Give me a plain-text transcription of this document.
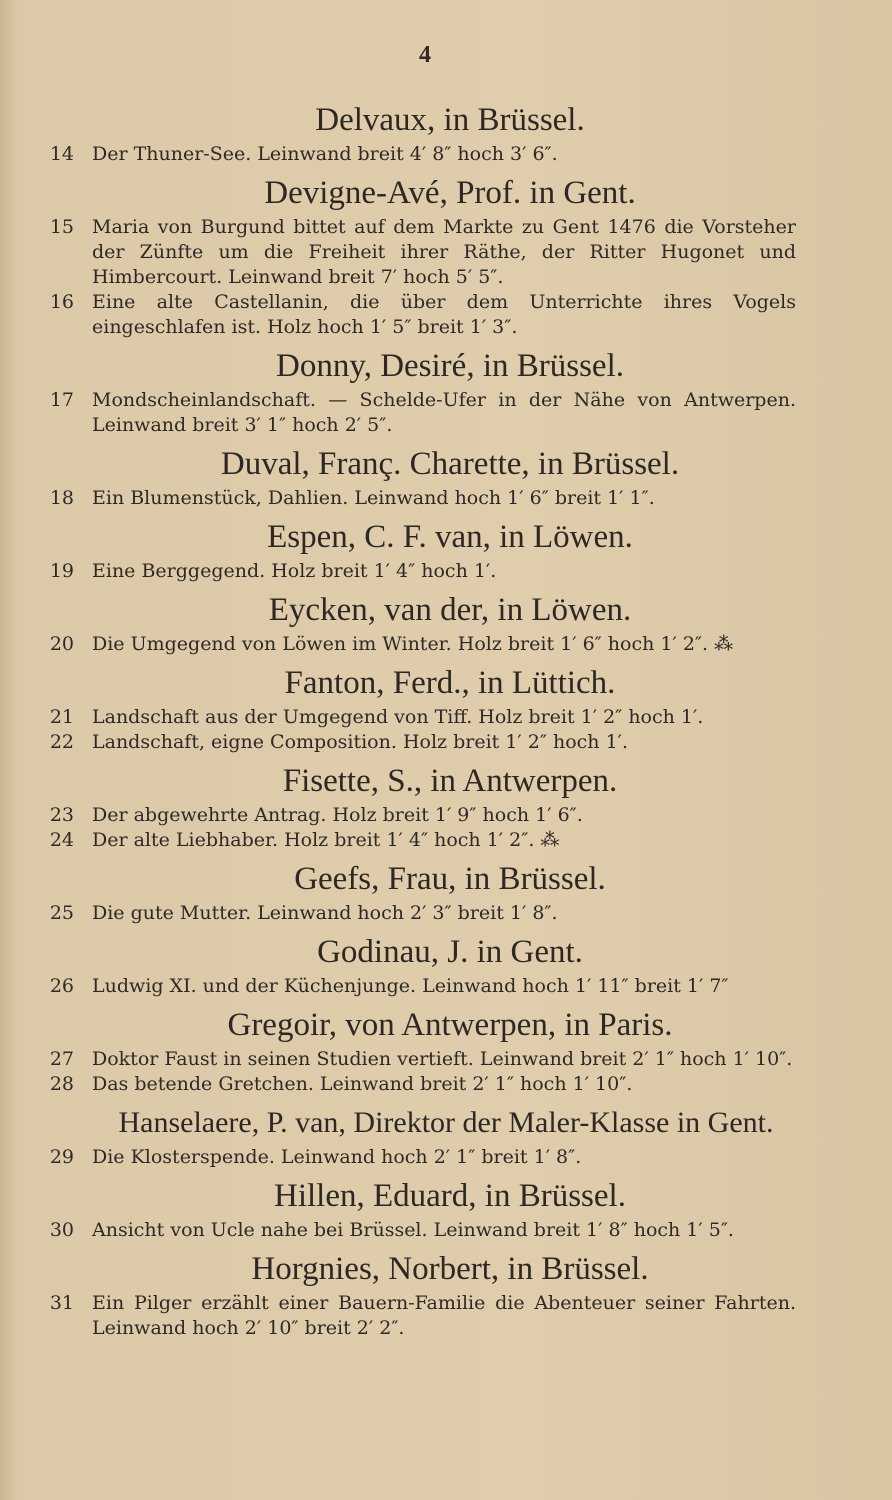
4
Delvaux, in Brüssel.
14 Der Thuner-See. Leinwand breit 4′ 8″ hoch 3′ 6″.
Devigne-Avé, Prof. in Gent.
15 Maria von Burgund bittet auf dem Markte zu Gent 1476 die Vorsteher der Zünfte um die Freiheit ihrer Räthe, der Ritter Hugonet und Himbercourt. Leinwand breit 7′ hoch 5′ 5″.
16 Eine alte Castellanin, die über dem Unterrichte ihres Vogels eingeschlafen ist. Holz hoch 1′ 5″ breit 1′ 3″.
Donny, Desiré, in Brüssel.
17 Mondscheinlandschaft. — Schelde-Ufer in der Nähe von Antwerpen. Leinwand breit 3′ 1″ hoch 2′ 5″.
Duval, Franç. Charette, in Brüssel.
18 Ein Blumenstück, Dahlien. Leinwand hoch 1′ 6″ breit 1′ 1″.
Espen, C. F. van, in Löwen.
19 Eine Berggegend. Holz breit 1′ 4″ hoch 1′.
Eycken, van der, in Löwen.
20 Die Umgegend von Löwen im Winter. Holz breit 1′ 6″ hoch 1′ 2″. ⁂
Fanton, Ferd., in Lüttich.
21 Landschaft aus der Umgegend von Tiff. Holz breit 1′ 2″ hoch 1′.
22 Landschaft, eigne Composition. Holz breit 1′ 2″ hoch 1′.
Fisette, S., in Antwerpen.
23 Der abgewehrte Antrag. Holz breit 1′ 9″ hoch 1′ 6″.
24 Der alte Liebhaber. Holz breit 1′ 4″ hoch 1′ 2″. ⁂
Geefs, Frau, in Brüssel.
25 Die gute Mutter. Leinwand hoch 2′ 3″ breit 1′ 8″.
Godinau, J. in Gent.
26 Ludwig XI. und der Küchenjunge. Leinwand hoch 1′ 11″ breit 1′ 7″
Gregoir, von Antwerpen, in Paris.
27 Doktor Faust in seinen Studien vertieft. Leinwand breit 2′ 1″ hoch 1′ 10″.
28 Das betende Gretchen. Leinwand breit 2′ 1″ hoch 1′ 10″.
Hanselaere, P. van, Direktor der Maler-Klasse in Gent.
29 Die Klosterspende. Leinwand hoch 2′ 1″ breit 1′ 8″.
Hillen, Eduard, in Brüssel.
30 Ansicht von Ucle nahe bei Brüssel. Leinwand breit 1′ 8″ hoch 1′ 5″.
Horgnies, Norbert, in Brüssel.
31 Ein Pilger erzählt einer Bauern-Familie die Abenteuer seiner Fahrten. Leinwand hoch 2′ 10″ breit 2′ 2″.
